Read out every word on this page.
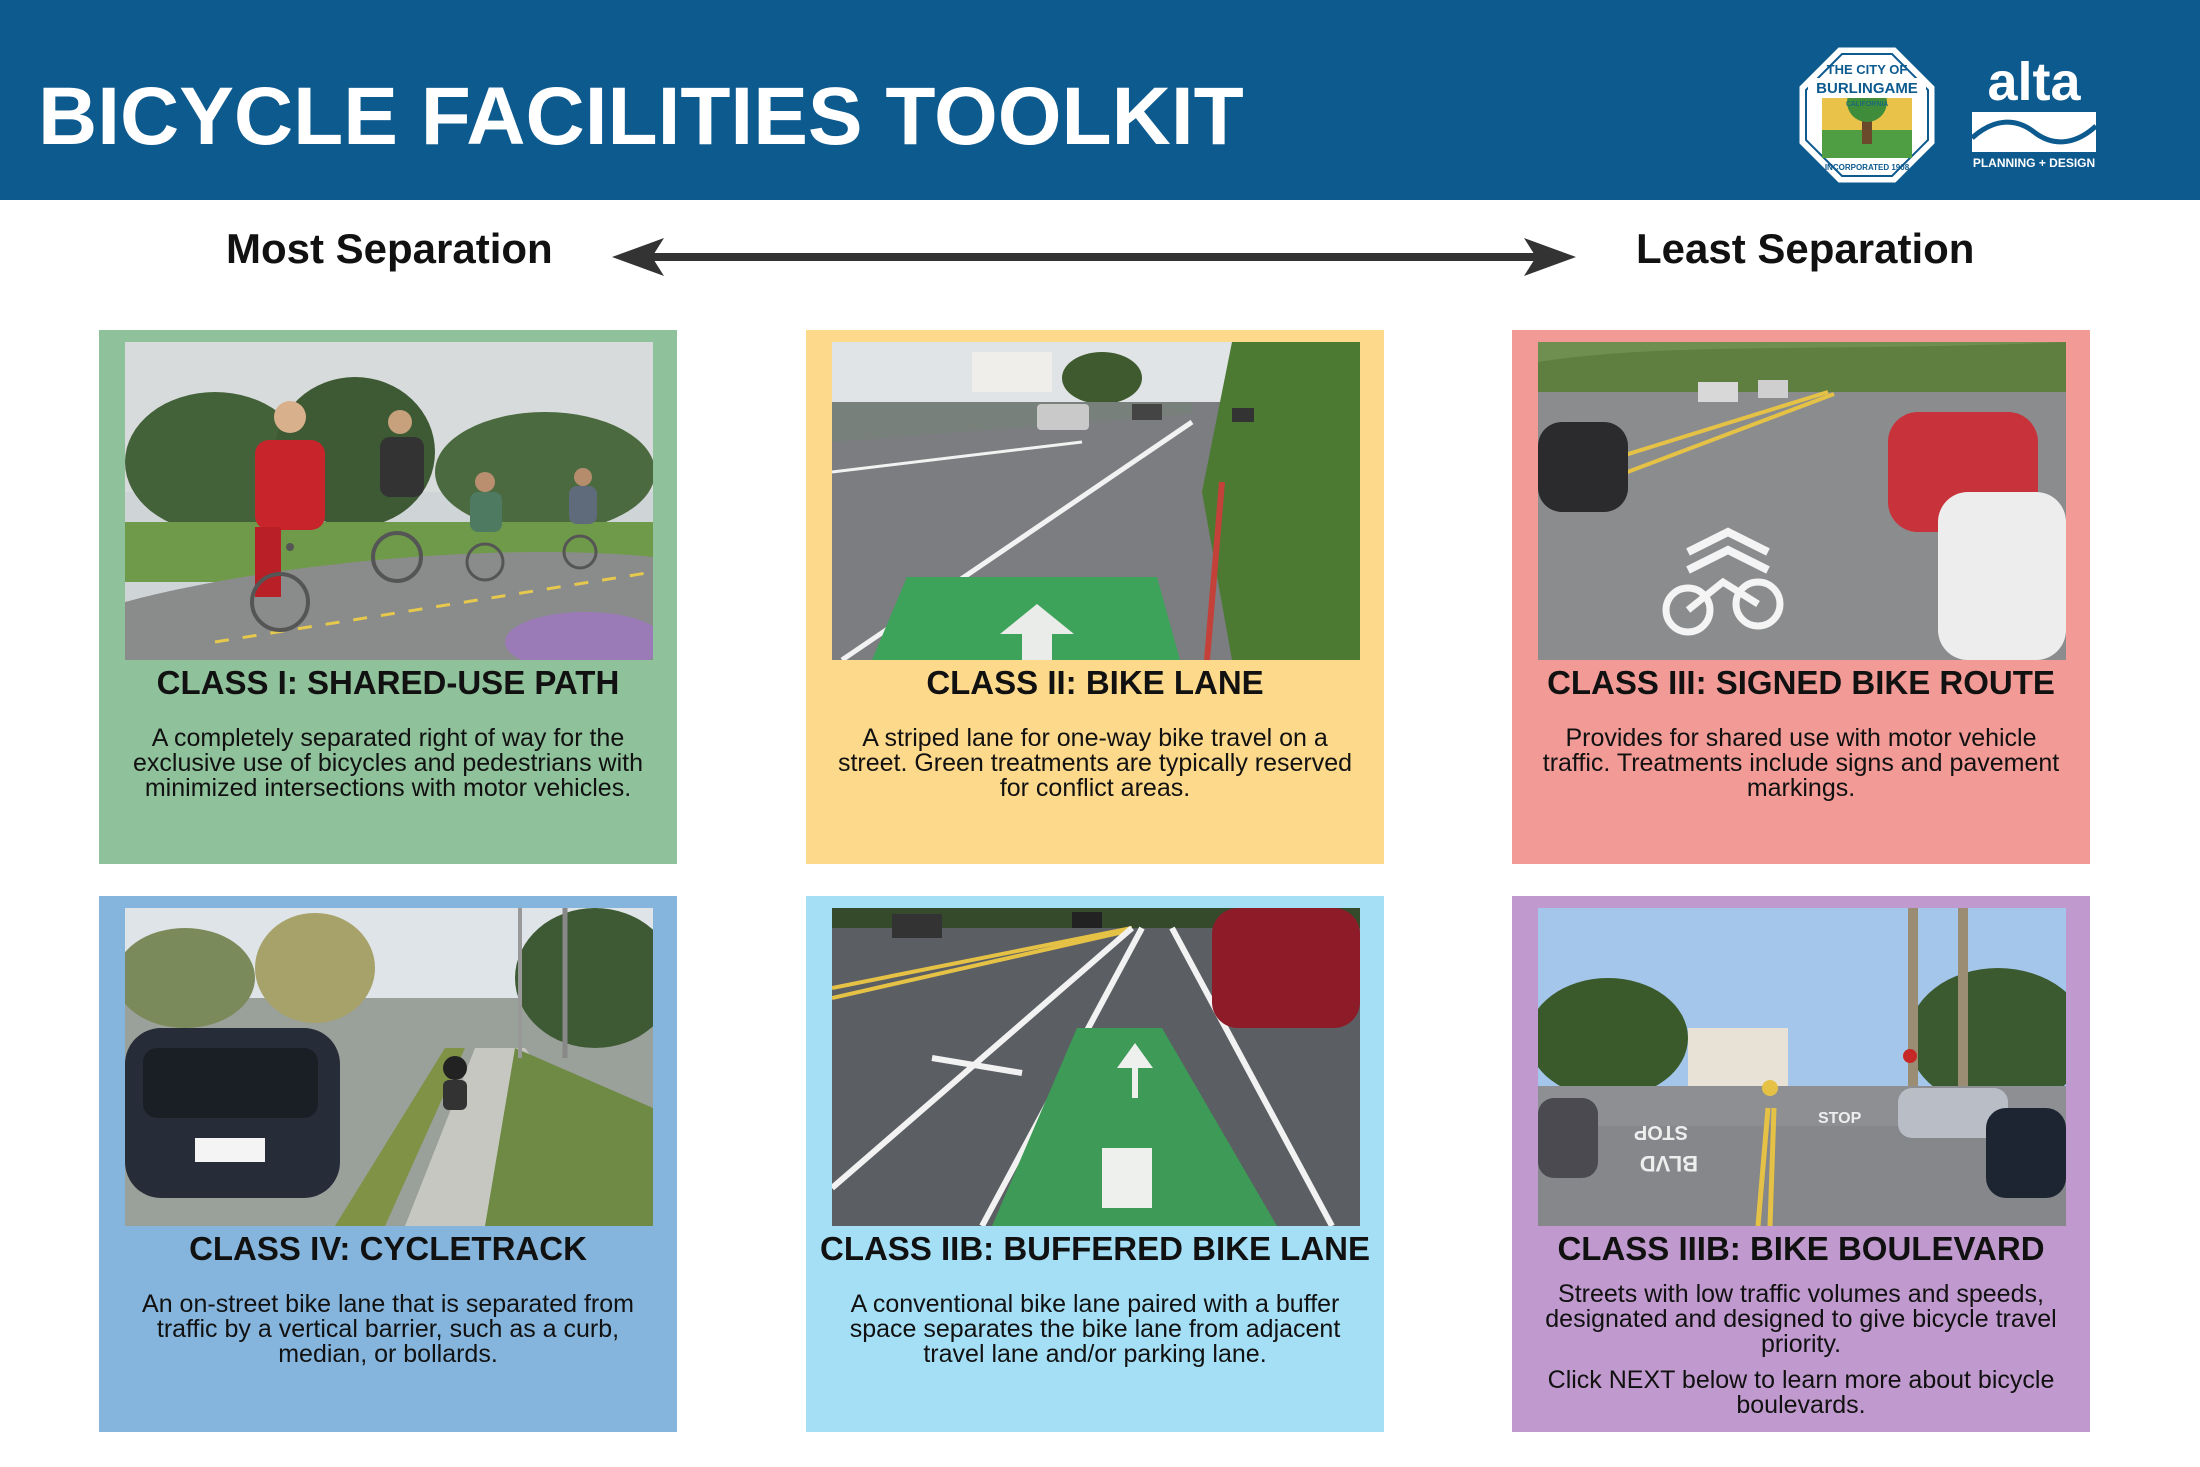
BICYCLE FACILITIES TOOLKIT
THE CITY OF
BURLINGAME
CALIFORNIA
INCORPORATED 1908
alta
PLANNING + DESIGN
Most Separation	Least Separation
CLASS I: SHARED-USE PATH
A completely separated right of way for the exclusive use of bicycles and pedestrians with minimized intersections with motor vehicles.
CLASS II: BIKE LANE
A striped lane for one-way bike travel on a street. Green treatments are typically reserved for conflict areas.
CLASS III: SIGNED BIKE ROUTE
Provides for shared use with motor vehicle traffic. Treatments include signs and pavement markings.
CLASS IV: CYCLETRACK
An on-street bike lane that is separated from traffic by a vertical barrier, such as a curb, median, or bollards.
CLASS IIB: BUFFERED BIKE LANE
A conventional bike lane paired with a buffer space separates the bike lane from adjacent travel lane and/or parking lane.
STOP
BLVD
STOP
CLASS IIIB: BIKE BOULEVARD
Streets with low traffic volumes and speeds, designated and designed to give bicycle travel priority.
Click NEXT below to learn more about bicycle boulevards.
